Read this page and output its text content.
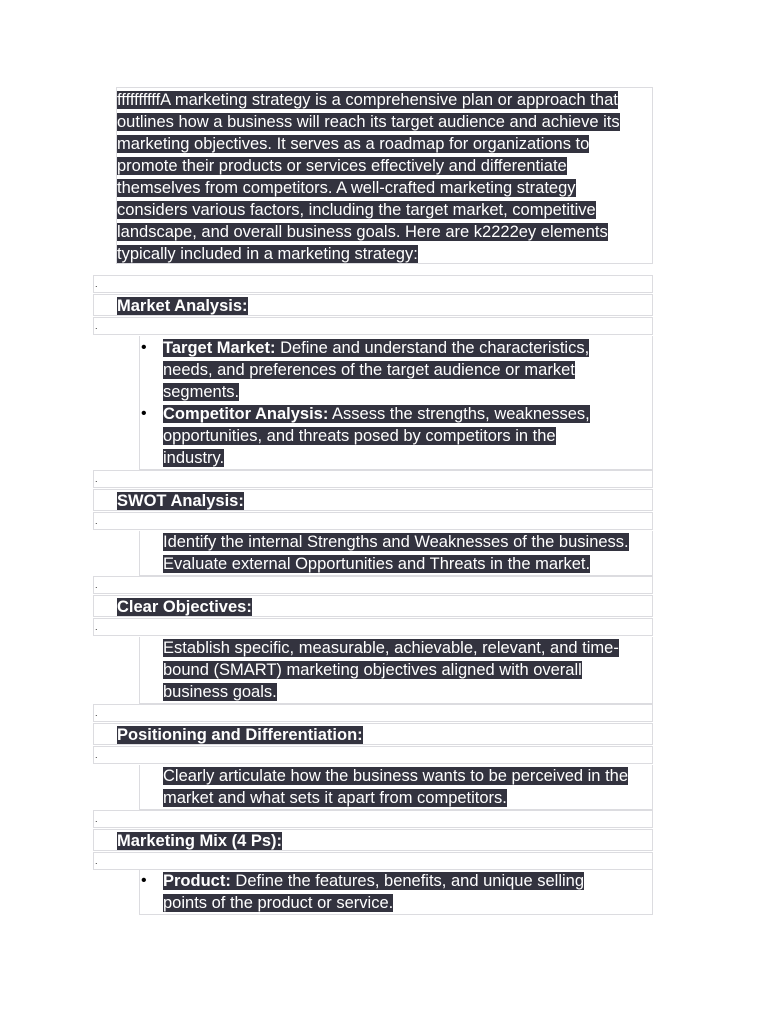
ffffffffffA marketing strategy is a comprehensive plan or approach that outlines how a business will reach its target audience and achieve its marketing objectives. It serves as a roadmap for organizations to promote their products or services effectively and differentiate themselves from competitors. A well-crafted marketing strategy considers various factors, including the target market, competitive landscape, and overall business goals. Here are k2222ey elements typically included in a marketing strategy:

.

Market Analysis:

.
• Target Market: Define and understand the characteristics, needs, and preferences of the target audience or market segments.
• Competitor Analysis: Assess the strengths, weaknesses, opportunities, and threats posed by competitors in the industry.
.

SWOT Analysis:

.

Identify the internal Strengths and Weaknesses of the business. Evaluate external Opportunities and Threats in the market.

.

Clear Objectives:

.

Establish specific, measurable, achievable, relevant, and time-bound (SMART) marketing objectives aligned with overall business goals.

.

Positioning and Differentiation:

.

Clearly articulate how the business wants to be perceived in the market and what sets it apart from competitors.

.

Marketing Mix (4 Ps):

.
• Product: Define the features, benefits, and unique selling points of the product or service.
